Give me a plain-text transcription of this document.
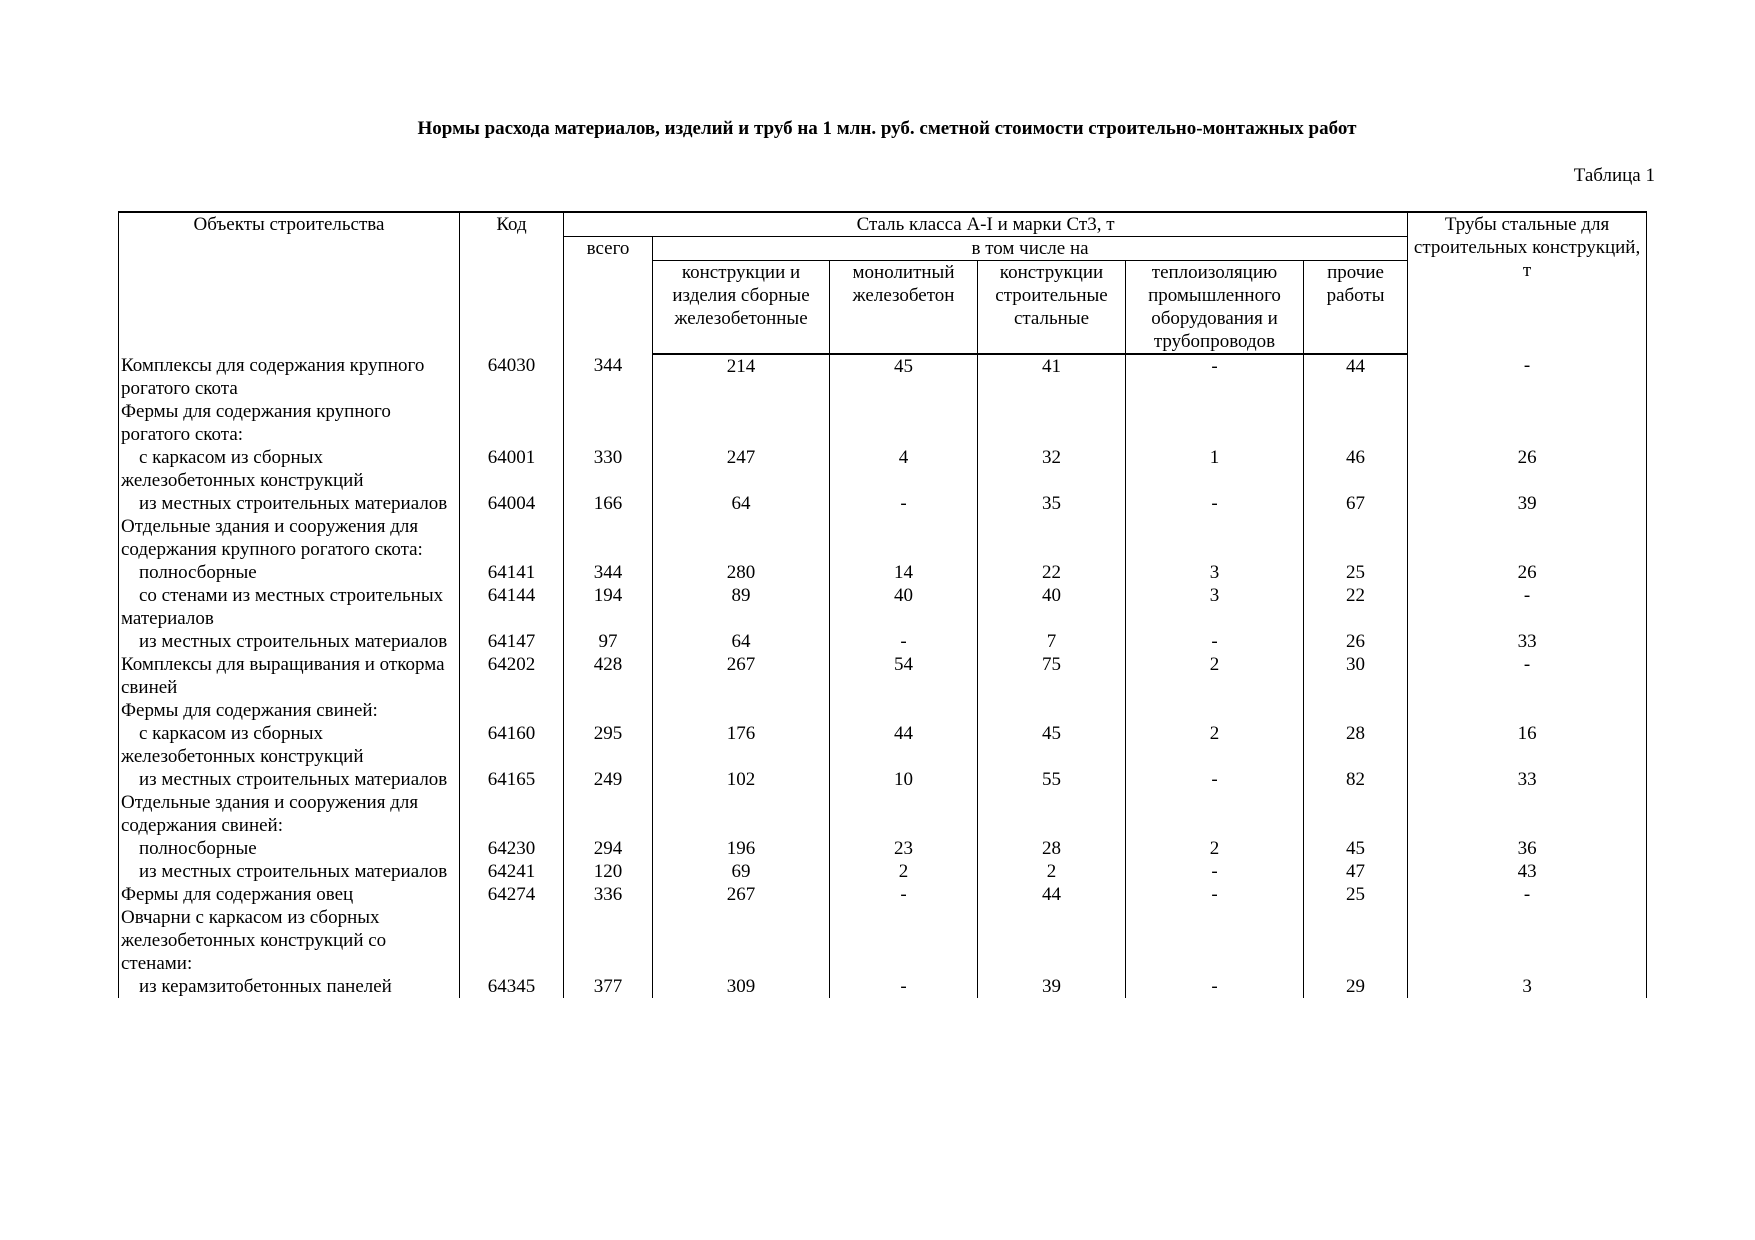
Нормы расхода материалов, изделий и труб на 1 млн. руб. сметной стоимости строительно-монтажных работ
Таблица 1
Объекты строительства	Код	Сталь класса А-I и марки Ст3, т						Трубы стальные для строительных конструкций, т
		всего	в том числе на					
			конструкции и изделия сборные железобетонные	монолитный железобетон	конструкции строительные стальные	теплоизоляцию промышленного оборудования и трубопроводов	прочие работы	
Комплексы для содержания крупного рогатого скота	64030	344	214	45	41	-	44	-
Фермы для содержания крупного рогатого скота:								
с каркасом из сборных железобетонных конструкций	64001	330	247	4	32	1	46	26
из местных строительных материалов	64004	166	64	-	35	-	67	39
Отдельные здания и сооружения для содержания крупного рогатого скота:								
полносборные	64141	344	280	14	22	3	25	26
со стенами из местных строительных материалов	64144	194	89	40	40	3	22	-
из местных строительных материалов	64147	97	64	-	7	-	26	33
Комплексы для выращивания и откорма свиней	64202	428	267	54	75	2	30	-
Фермы для содержания свиней:								
с каркасом из сборных железобетонных конструкций	64160	295	176	44	45	2	28	16
из местных строительных материалов	64165	249	102	10	55	-	82	33
Отдельные здания и сооружения для содержания свиней:								
полносборные	64230	294	196	23	28	2	45	36
из местных строительных материалов	64241	120	69	2	2	-	47	43
Фермы для содержания овец	64274	336	267	-	44	-	25	-
Овчарни с каркасом из сборных железобетонных конструкций со стенами:								
из керамзитобетонных панелей	64345	377	309	-	39	-	29	3
